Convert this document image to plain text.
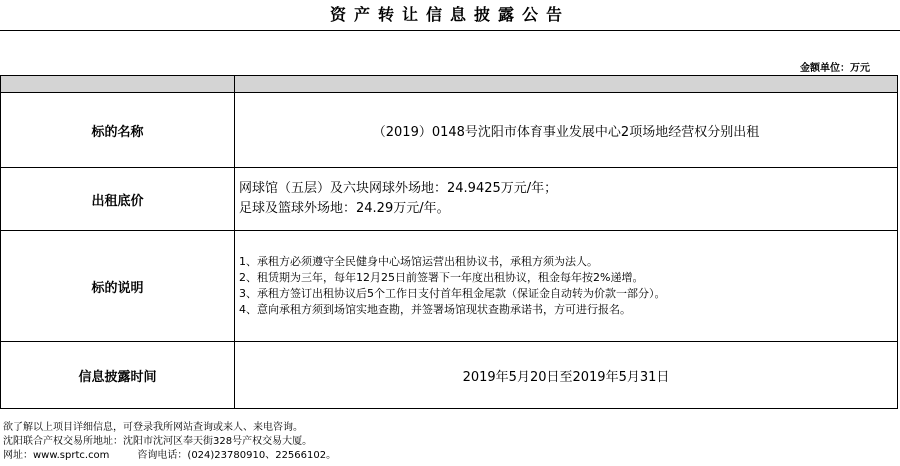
资产转让信息披露公告
金额单位：万元

标的名称	（2019）0148号沈阳市体育事业发展中心2项场地经营权分别出租
出租底价	网球馆（五层）及六块网球外场地：24.9425万元/年；
足球及篮球外场地：24.29万元/年。

标的说明	1、承租方必须遵守全民健身中心场馆运营出租协议书，承租方须为法人。
2、租赁期为三年，每年12月25日前签署下一年度出租协议，租金每年按2%递增。
3、承租方签订出租协议后5个工作日支付首年租金尾款（保证金自动转为价款一部分）。
4、意向承租方须到场馆实地查勘，并签署场馆现状查勘承诺书，方可进行报名。

信息披露时间	2019年5月20日至2019年5月31日
欲了解以上项目详细信息，可登录我所网站查询或来人、来电咨询。
沈阳联合产权交易所地址：沈阳市沈河区奉天街328号产权交易大厦。
网址：www.sprtc.com	咨询电话：(024)23780910、22566102。
